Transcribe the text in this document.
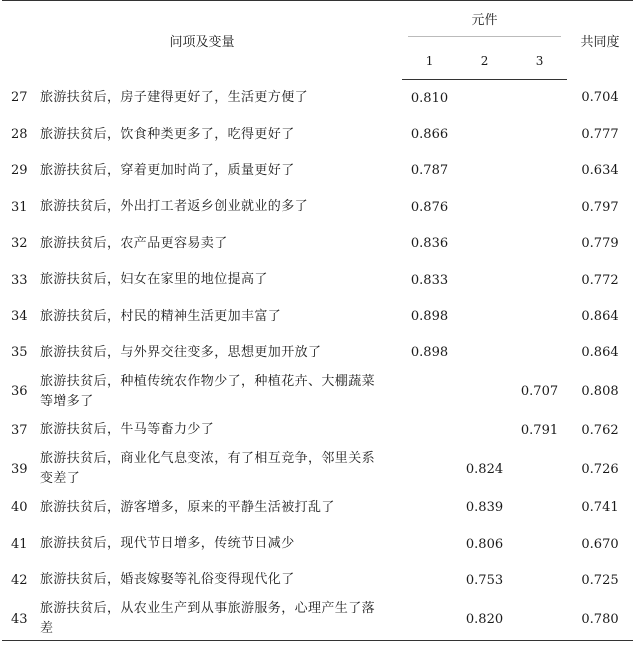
问项及变量		元件			共同度
		1	2	3	
27	旅游扶贫后，房子建得更好了，生活更方便了	0.810			0.704
28	旅游扶贫后，饮食种类更多了，吃得更好了	0.866			0.777
29	旅游扶贫后，穿着更加时尚了，质量更好了	0.787			0.634
31	旅游扶贫后，外出打工者返乡创业就业的多了	0.876			0.797
32	旅游扶贫后，农产品更容易卖了	0.836			0.779
33	旅游扶贫后，妇女在家里的地位提高了	0.833			0.772
34	旅游扶贫后，村民的精神生活更加丰富了	0.898			0.864
35	旅游扶贫后，与外界交往变多，思想更加开放了	0.898			0.864
36	旅游扶贫后，种植传统农作物少了，种植花卉、大棚蔬菜等增多了			0.707	0.808
37	旅游扶贫后，牛马等畜力少了			0.791	0.762
39	旅游扶贫后，商业化气息变浓，有了相互竞争，邻里关系变差了		0.824		0.726
40	旅游扶贫后，游客增多，原来的平静生活被打乱了		0.839		0.741
41	旅游扶贫后，现代节日增多，传统节日减少		0.806		0.670
42	旅游扶贫后，婚丧嫁娶等礼俗变得现代化了		0.753		0.725
43	旅游扶贫后，从农业生产到从事旅游服务，心理产生了落差		0.820		0.780
